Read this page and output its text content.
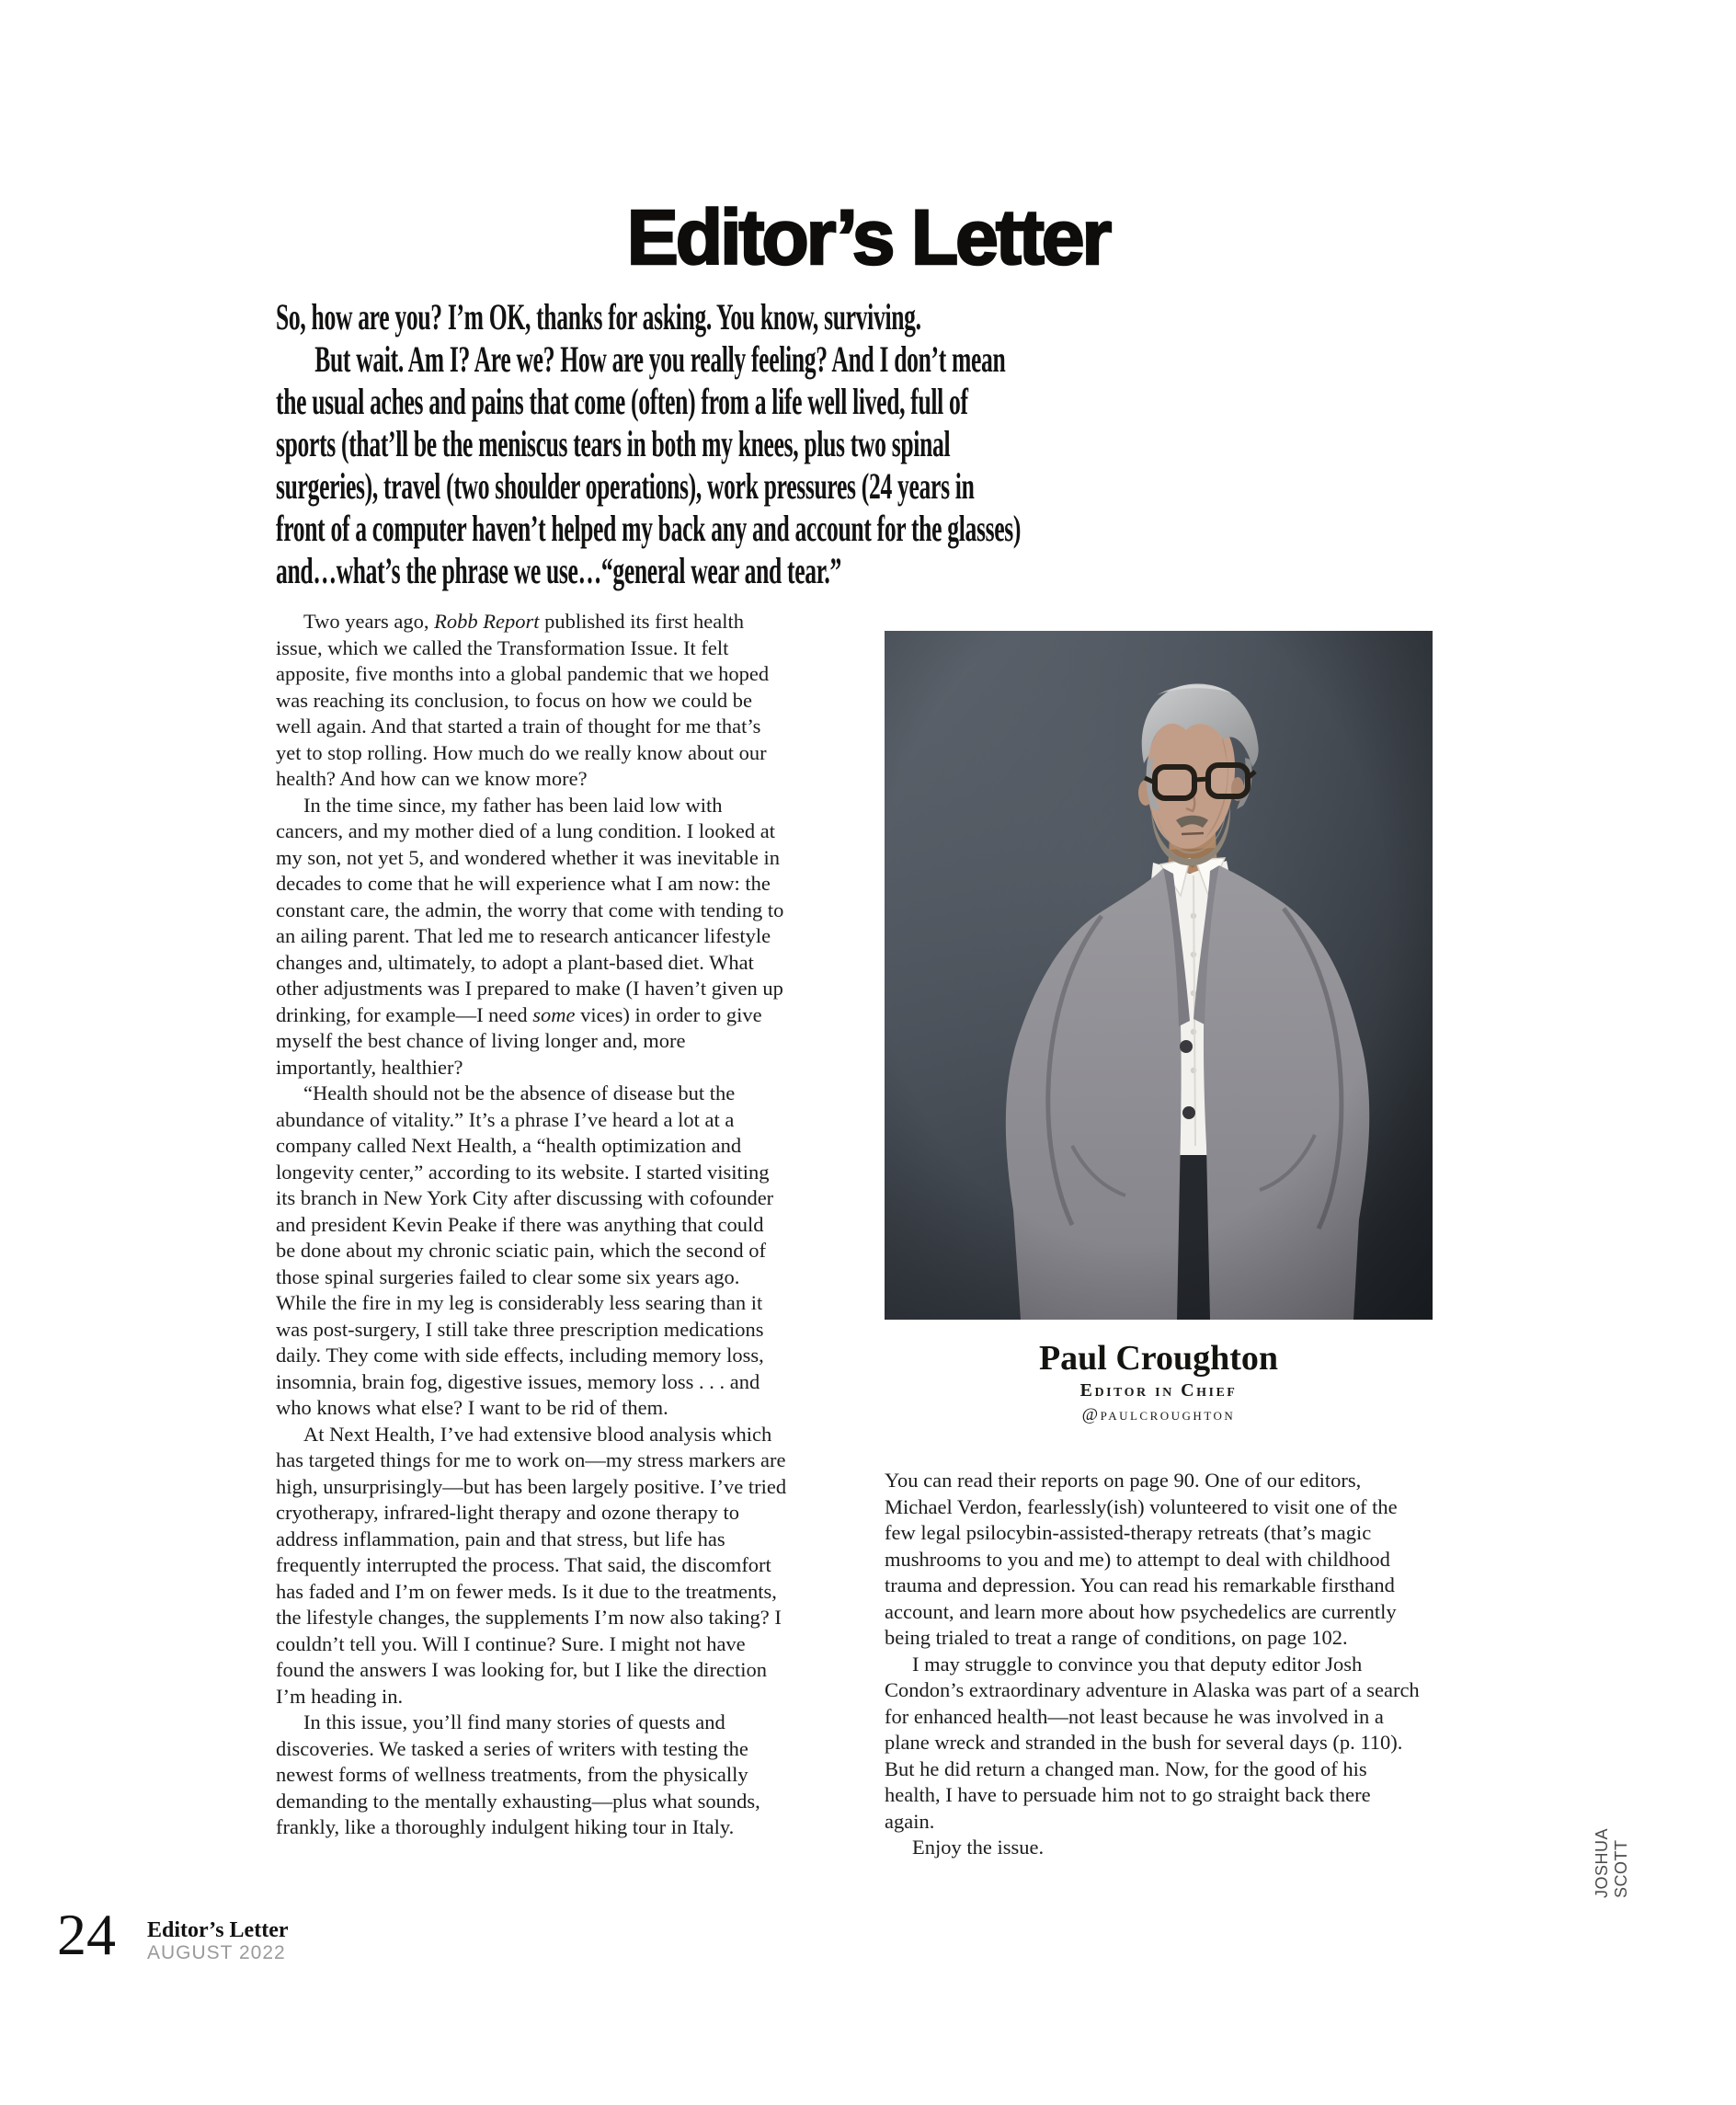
Editor’s Letter
So, how are you? I’m OK, thanks for asking. You know, surviving.
But wait. Am I? Are we? How are you really feeling? And I don’t mean
the usual aches and pains that come (often) from a life well lived, full of
sports (that’ll be the meniscus tears in both my knees, plus two spinal
surgeries), travel (two shoulder operations), work pressures (24 years in
front of a computer haven’t helped my back any and account for the glasses)
and…what’s the phrase we use…“general wear and tear.”

Two years ago, Robb Report published its first health issue, which we called the Transformation Issue. It felt apposite, five months into a global pandemic that we hoped was reaching its conclusion, to focus on how we could be well again. And that started a train of thought for me that’s yet to stop rolling. How much do we really know about our health? And how can we know more?

In the time since, my father has been laid low with cancers, and my mother died of a lung condition. I looked at my son, not yet 5, and wondered whether it was inevitable in decades to come that he will experience what I am now: the constant care, the admin, the worry that come with tending to an ailing parent. That led me to research anticancer lifestyle changes and, ultimately, to adopt a plant-based diet. What other adjustments was I prepared to make (I haven’t given up drinking, for example—I need some vices) in order to give myself the best chance of living longer and, more importantly, healthier?

“Health should not be the absence of disease but the abundance of vitality.” It’s a phrase I’ve heard a lot at a company called Next Health, a “health optimization and longevity center,” according to its website. I started visiting its branch in New York City after discussing with cofounder and president Kevin Peake if there was anything that could be done about my chronic sciatic pain, which the second of those spinal surgeries failed to clear some six years ago. While the fire in my leg is considerably less searing than it was post-surgery, I still take three prescription medications daily. They come with side effects, including memory loss, insomnia, brain fog, digestive issues, memory loss . . . and who knows what else? I want to be rid of them.

At Next Health, I’ve had extensive blood analysis which has targeted things for me to work on—my stress markers are high, unsurprisingly—but has been largely positive. I’ve tried cryotherapy, infrared-light therapy and ozone therapy to address inflammation, pain and that stress, but life has frequently interrupted the process. That said, the discomfort has faded and I’m on fewer meds. Is it due to the treatments, the lifestyle changes, the supplements I’m now also taking? I couldn’t tell you. Will I continue? Sure. I might not have found the answers I was looking for, but I like the direction I’m heading in.

In this issue, you’ll find many stories of quests and discoveries. We tasked a series of writers with testing the newest forms of wellness treatments, from the physically demanding to the mentally exhausting—plus what sounds, frankly, like a thoroughly indulgent hiking tour in Italy.

Paul Croughton
Editor in Chief
@paulcroughton

You can read their reports on page 90. One of our editors, Michael Verdon, fearlessly(ish) volunteered to visit one of the few legal psilocybin-assisted-therapy retreats (that’s magic mushrooms to you and me) to attempt to deal with childhood trauma and depression. You can read his remarkable firsthand account, and learn more about how psychedelics are currently being trialed to treat a range of conditions, on page 102.

I may struggle to convince you that deputy editor Josh Condon’s extraordinary adventure in Alaska was part of a search for enhanced health—not least because he was involved in a plane wreck and stranded in the bush for several days (p. 110). But he did return a changed man. Now, for the good of his health, I have to persuade him not to go straight back there again.

Enjoy the issue.

24 Editor’s Letter
AUGUST 2022
JOSHUA SCOTT
